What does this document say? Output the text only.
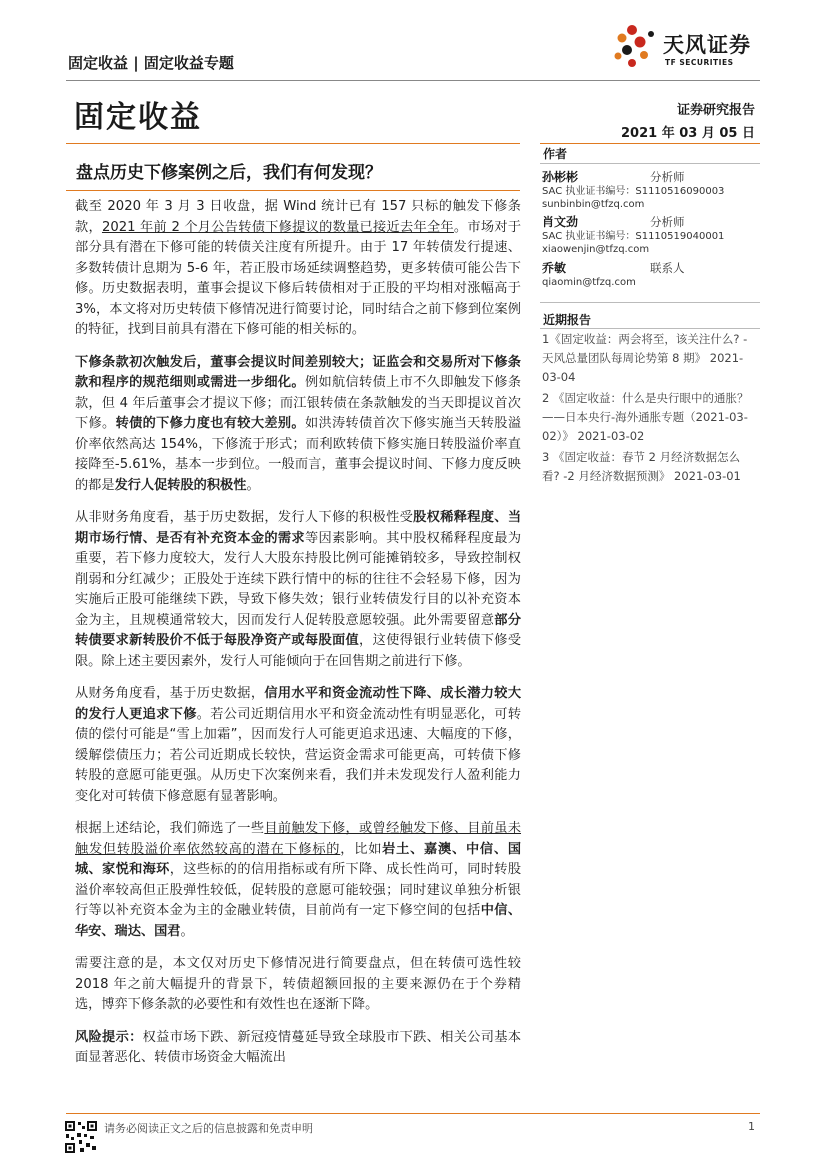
固定收益 | 固定收益专题
天风证券
TF SECURITIES
固定收益	证券研究报告
2021 年 03 月 05 日
盘点历史下修案例之后，我们有何发现？
作者
孙彬彬	分析师
SAC 执业证书编号：S1110516090003
sunbinbin@tfzq.com
肖文劲	分析师
SAC 执业证书编号：S1110519040001
xiaowenjin@tfzq.com
乔敏	联系人
qiaomin@tfzq.com
近期报告
1《固定收益：两会将至，该关注什么? -天风总量团队每周论势第 8 期》 2021-03-04
2 《固定收益：什么是央行眼中的通胀？ ——日本央行-海外通胀专题（2021-03-02）》 2021-03-02
3 《固定收益：春节 2 月经济数据怎么看? -2 月经济数据预测》 2021-03-01

截至 2020 年 3 月 3 日收盘，据 Wind 统计已有 157 只标的触发下修条款，2021 年前 2 个月公告转债下修提议的数量已接近去年全年。市场对于部分具有潜在下修可能的转债关注度有所提升。由于 17 年转债发行提速、多数转债计息期为 5-6 年，若正股市场延续调整趋势，更多转债可能公告下修。历史数据表明，董事会提议下修后转债相对于正股的平均相对涨幅高于 3%，本文将对历史转债下修情况进行简要讨论，同时结合之前下修到位案例的特征，找到目前具有潜在下修可能的相关标的。

下修条款初次触发后，董事会提议时间差别较大；证监会和交易所对下修条款和程序的规范细则或需进一步细化。例如航信转债上市不久即触发下修条款，但 4 年后董事会才提议下修；而江银转债在条款触发的当天即提议首次下修。转债的下修力度也有较大差别。如洪涛转债首次下修实施当天转股溢价率依然高达 154%，下修流于形式；而利欧转债下修实施日转股溢价率直接降至-5.61%，基本一步到位。一般而言，董事会提议时间、下修力度反映的都是发行人促转股的积极性。

从非财务角度看，基于历史数据，发行人下修的积极性受股权稀释程度、当期市场行情、是否有补充资本金的需求等因素影响。其中股权稀释程度最为重要，若下修力度较大，发行人大股东持股比例可能摊销较多，导致控制权削弱和分红减少；正股处于连续下跌行情中的标的往往不会轻易下修，因为实施后正股可能继续下跌，导致下修失效；银行业转债发行目的以补充资本金为主，且规模通常较大，因而发行人促转股意愿较强。此外需要留意部分转债要求新转股价不低于每股净资产或每股面值，这使得银行业转债下修受限。除上述主要因素外，发行人可能倾向于在回售期之前进行下修。

从财务角度看，基于历史数据，信用水平和资金流动性下降、成长潜力较大的发行人更追求下修。若公司近期信用水平和资金流动性有明显恶化，可转债的偿付可能是“雪上加霜”，因而发行人可能更追求迅速、大幅度的下修，缓解偿债压力；若公司近期成长较快，营运资金需求可能更高，可转债下修转股的意愿可能更强。从历史下次案例来看，我们并未发现发行人盈利能力变化对可转债下修意愿有显著影响。

根据上述结论，我们筛选了一些目前触发下修，或曾经触发下修、目前虽未触发但转股溢价率依然较高的潜在下修标的，比如岩土、嘉澳、中信、国城、家悦和海环，这些标的的信用指标或有所下降、成长性尚可，同时转股溢价率较高但正股弹性较低，促转股的意愿可能较强；同时建议单独分析银行等以补充资本金为主的金融业转债，目前尚有一定下修空间的包括中信、华安、瑞达、国君。

需要注意的是，本文仅对历史下修情况进行简要盘点，但在转债可选性较 2018 年之前大幅提升的背景下，转债超额回报的主要来源仍在于个券精选，博弈下修条款的必要性和有效性也在逐渐下降。

风险提示：权益市场下跌、新冠疫情蔓延导致全球股市下跌、相关公司基本面显著恶化、转债市场资金大幅流出

请务必阅读正文之后的信息披露和免责申明	1
